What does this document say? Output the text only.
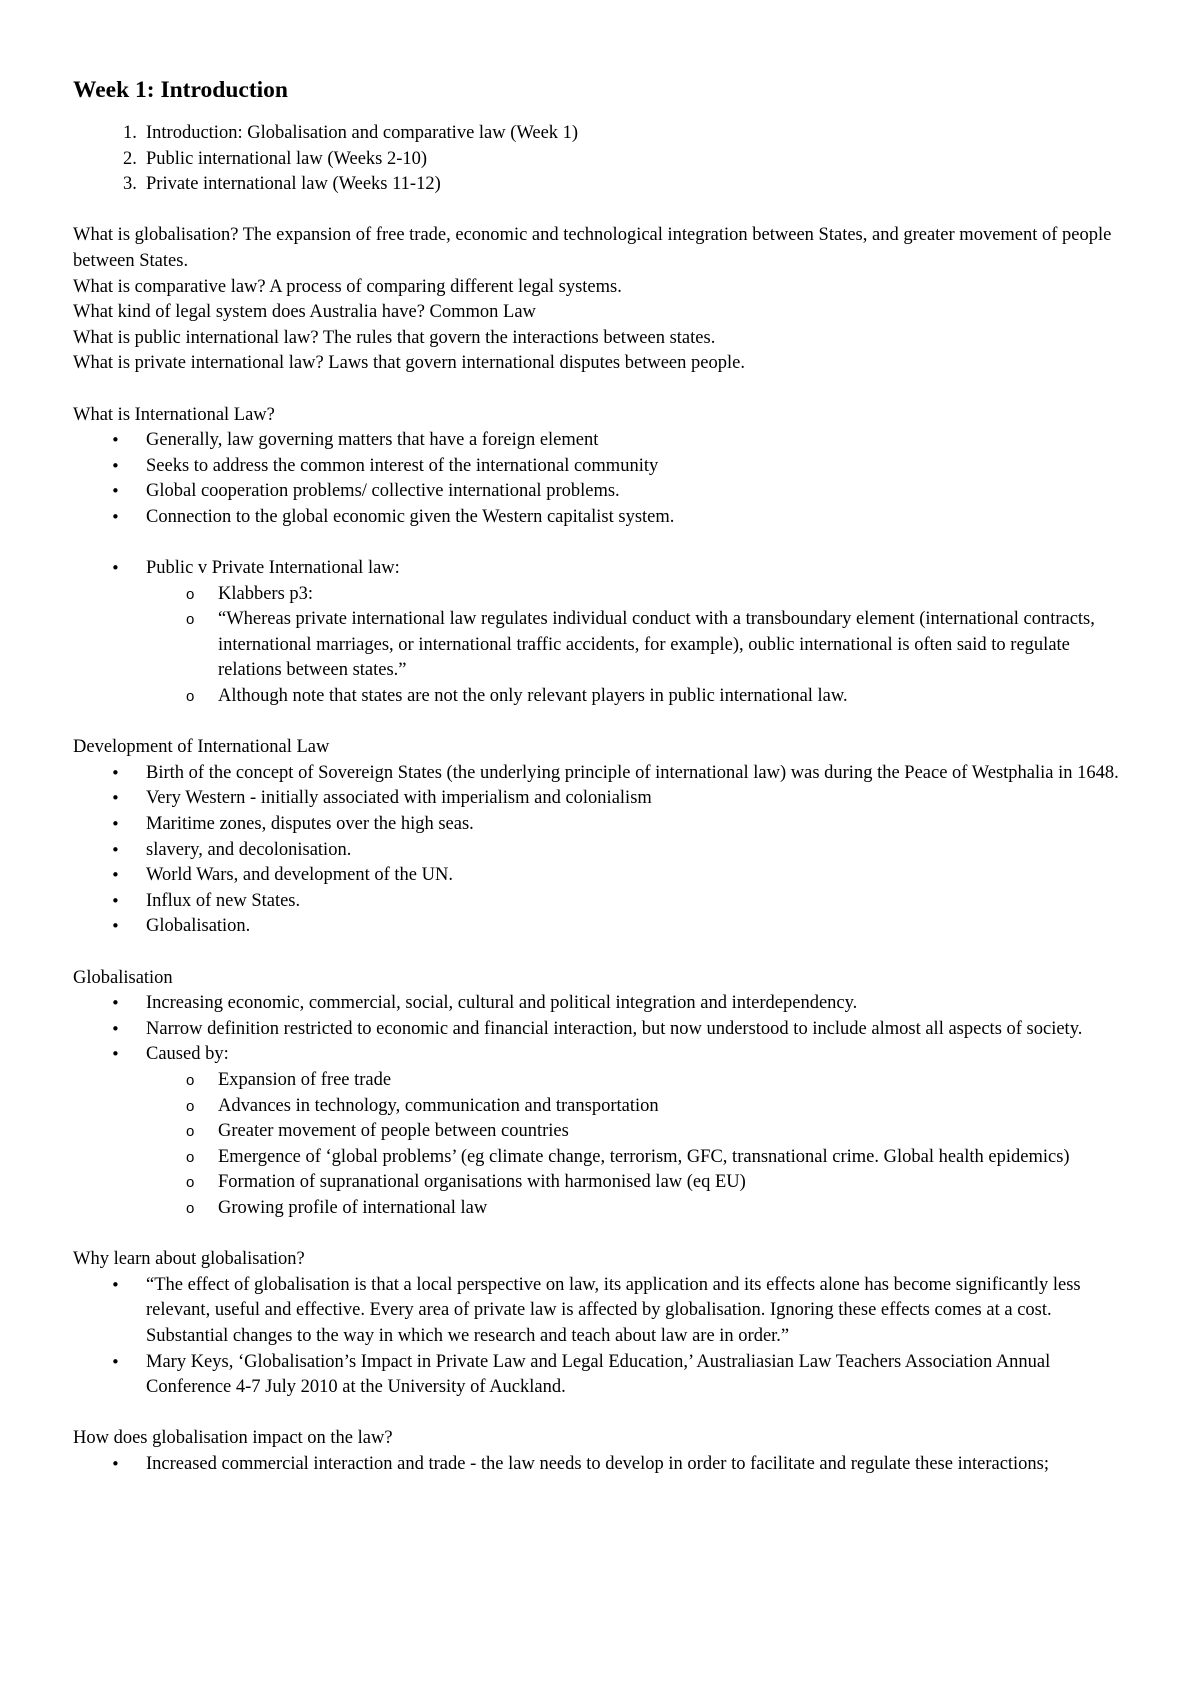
Week 1: Introduction
1. Introduction: Globalisation and comparative law (Week 1)
2. Public international law (Weeks 2-10)
3. Private international law (Weeks 11-12)

What is globalisation? The expansion of free trade, economic and technological integration between States, and greater movement of people between States.

What is comparative law? A process of comparing different legal systems.

What kind of legal system does Australia have? Common Law

What is public international law? The rules that govern the interactions between states.

What is private international law? Laws that govern international disputes between people.

What is International Law?

• Generally, law governing matters that have a foreign element
• Seeks to address the common interest of the international community
• Global cooperation problems/ collective international problems.
• Connection to the global economic given the Western capitalist system.
• Public v Private International law:
o Klabbers p3:
o “Whereas private international law regulates individual conduct with a transboundary element (international contracts, international marriages, or international traffic accidents, for example), oublic international is often said to regulate relations between states.”
o Although note that states are not the only relevant players in public international law.

Development of International Law

• Birth of the concept of Sovereign States (the underlying principle of international law) was during the Peace of Westphalia in 1648.
• Very Western - initially associated with imperialism and colonialism
• Maritime zones, disputes over the high seas.
• slavery, and decolonisation.
• World Wars, and development of the UN.
• Influx of new States.
• Globalisation.

Globalisation

• Increasing economic, commercial, social, cultural and political integration and interdependency.
• Narrow definition restricted to economic and financial interaction, but now understood to include almost all aspects of society.
• Caused by:
o Expansion of free trade
o Advances in technology, communication and transportation
o Greater movement of people between countries
o Emergence of ‘global problems’ (eg climate change, terrorism, GFC, transnational crime. Global health epidemics)
o Formation of supranational organisations with harmonised law (eq EU)
o Growing profile of international law

Why learn about globalisation?

• “The effect of globalisation is that a local perspective on law, its application and its effects alone has become significantly less relevant, useful and effective. Every area of private law is affected by globalisation. Ignoring these effects comes at a cost. Substantial changes to the way in which we research and teach about law are in order.”
• Mary Keys, ‘Globalisation’s Impact in Private Law and Legal Education,’ Australiasian Law Teachers Association Annual Conference 4-7 July 2010 at the University of Auckland.

How does globalisation impact on the law?

• Increased commercial interaction and trade - the law needs to develop in order to facilitate and regulate these interactions;
